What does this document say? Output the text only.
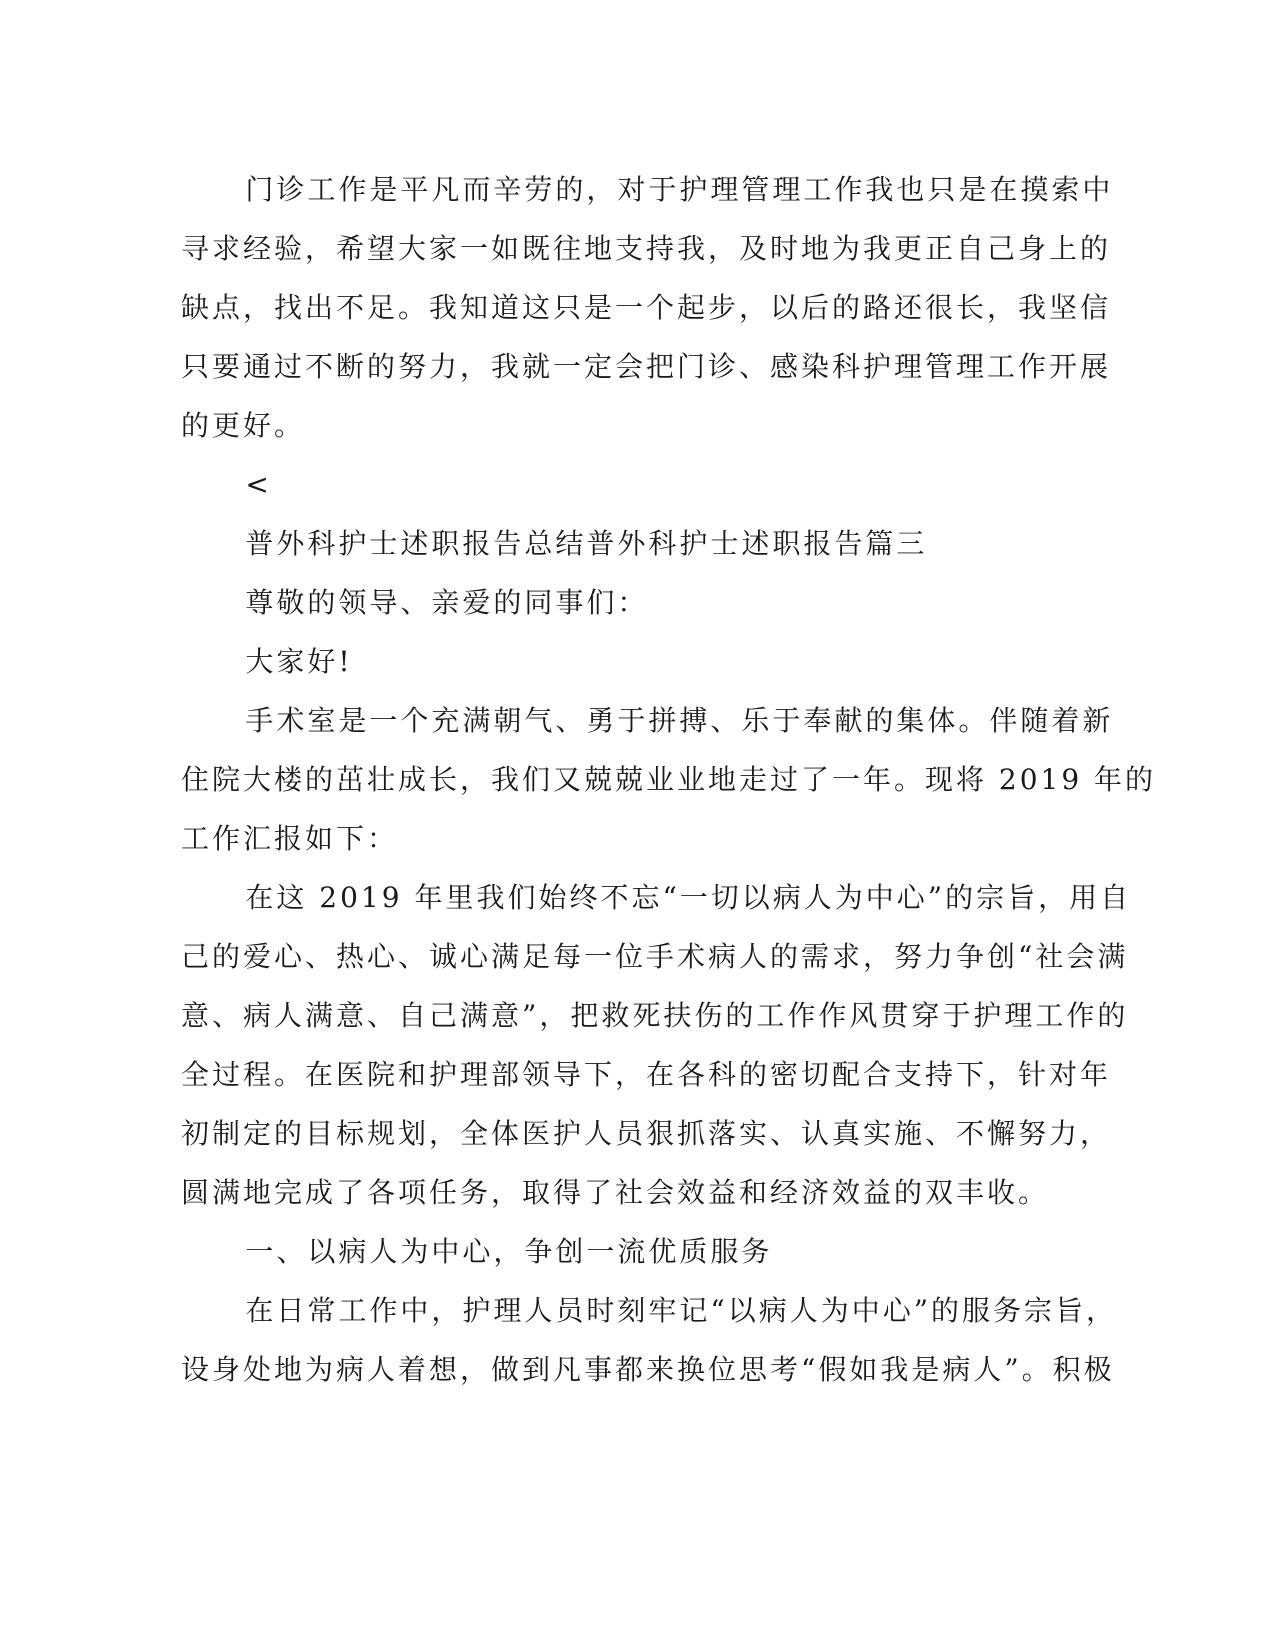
门诊工作是平凡而辛劳的，对于护理管理工作我也只是在摸索中
寻求经验，希望大家一如既往地支持我，及时地为我更正自己身上的
缺点，找出不足。我知道这只是一个起步，以后的路还很长，我坚信
只要通过不断的努力，我就一定会把门诊、感染科护理管理工作开展
的更好。

<

普外科护士述职报告总结普外科护士述职报告篇三

尊敬的领导、亲爱的同事们：

大家好!

手术室是一个充满朝气、勇于拼搏、乐于奉献的集体。伴随着新
住院大楼的茁壮成长，我们又兢兢业业地走过了一年。现将 2019 年的
工作汇报如下：

在这 2019 年里我们始终不忘“一切以病人为中心”的宗旨，用自
己的爱心、热心、诚心满足每一位手术病人的需求，努力争创“社会满
意、病人满意、自己满意”，把救死扶伤的工作作风贯穿于护理工作的
全过程。在医院和护理部领导下，在各科的密切配合支持下，针对年
初制定的目标规划，全体医护人员狠抓落实、认真实施、不懈努力，
圆满地完成了各项任务，取得了社会效益和经济效益的双丰收。

一、以病人为中心，争创一流优质服务

在日常工作中，护理人员时刻牢记“以病人为中心”的服务宗旨，
设身处地为病人着想，做到凡事都来换位思考“假如我是病人”。积极
